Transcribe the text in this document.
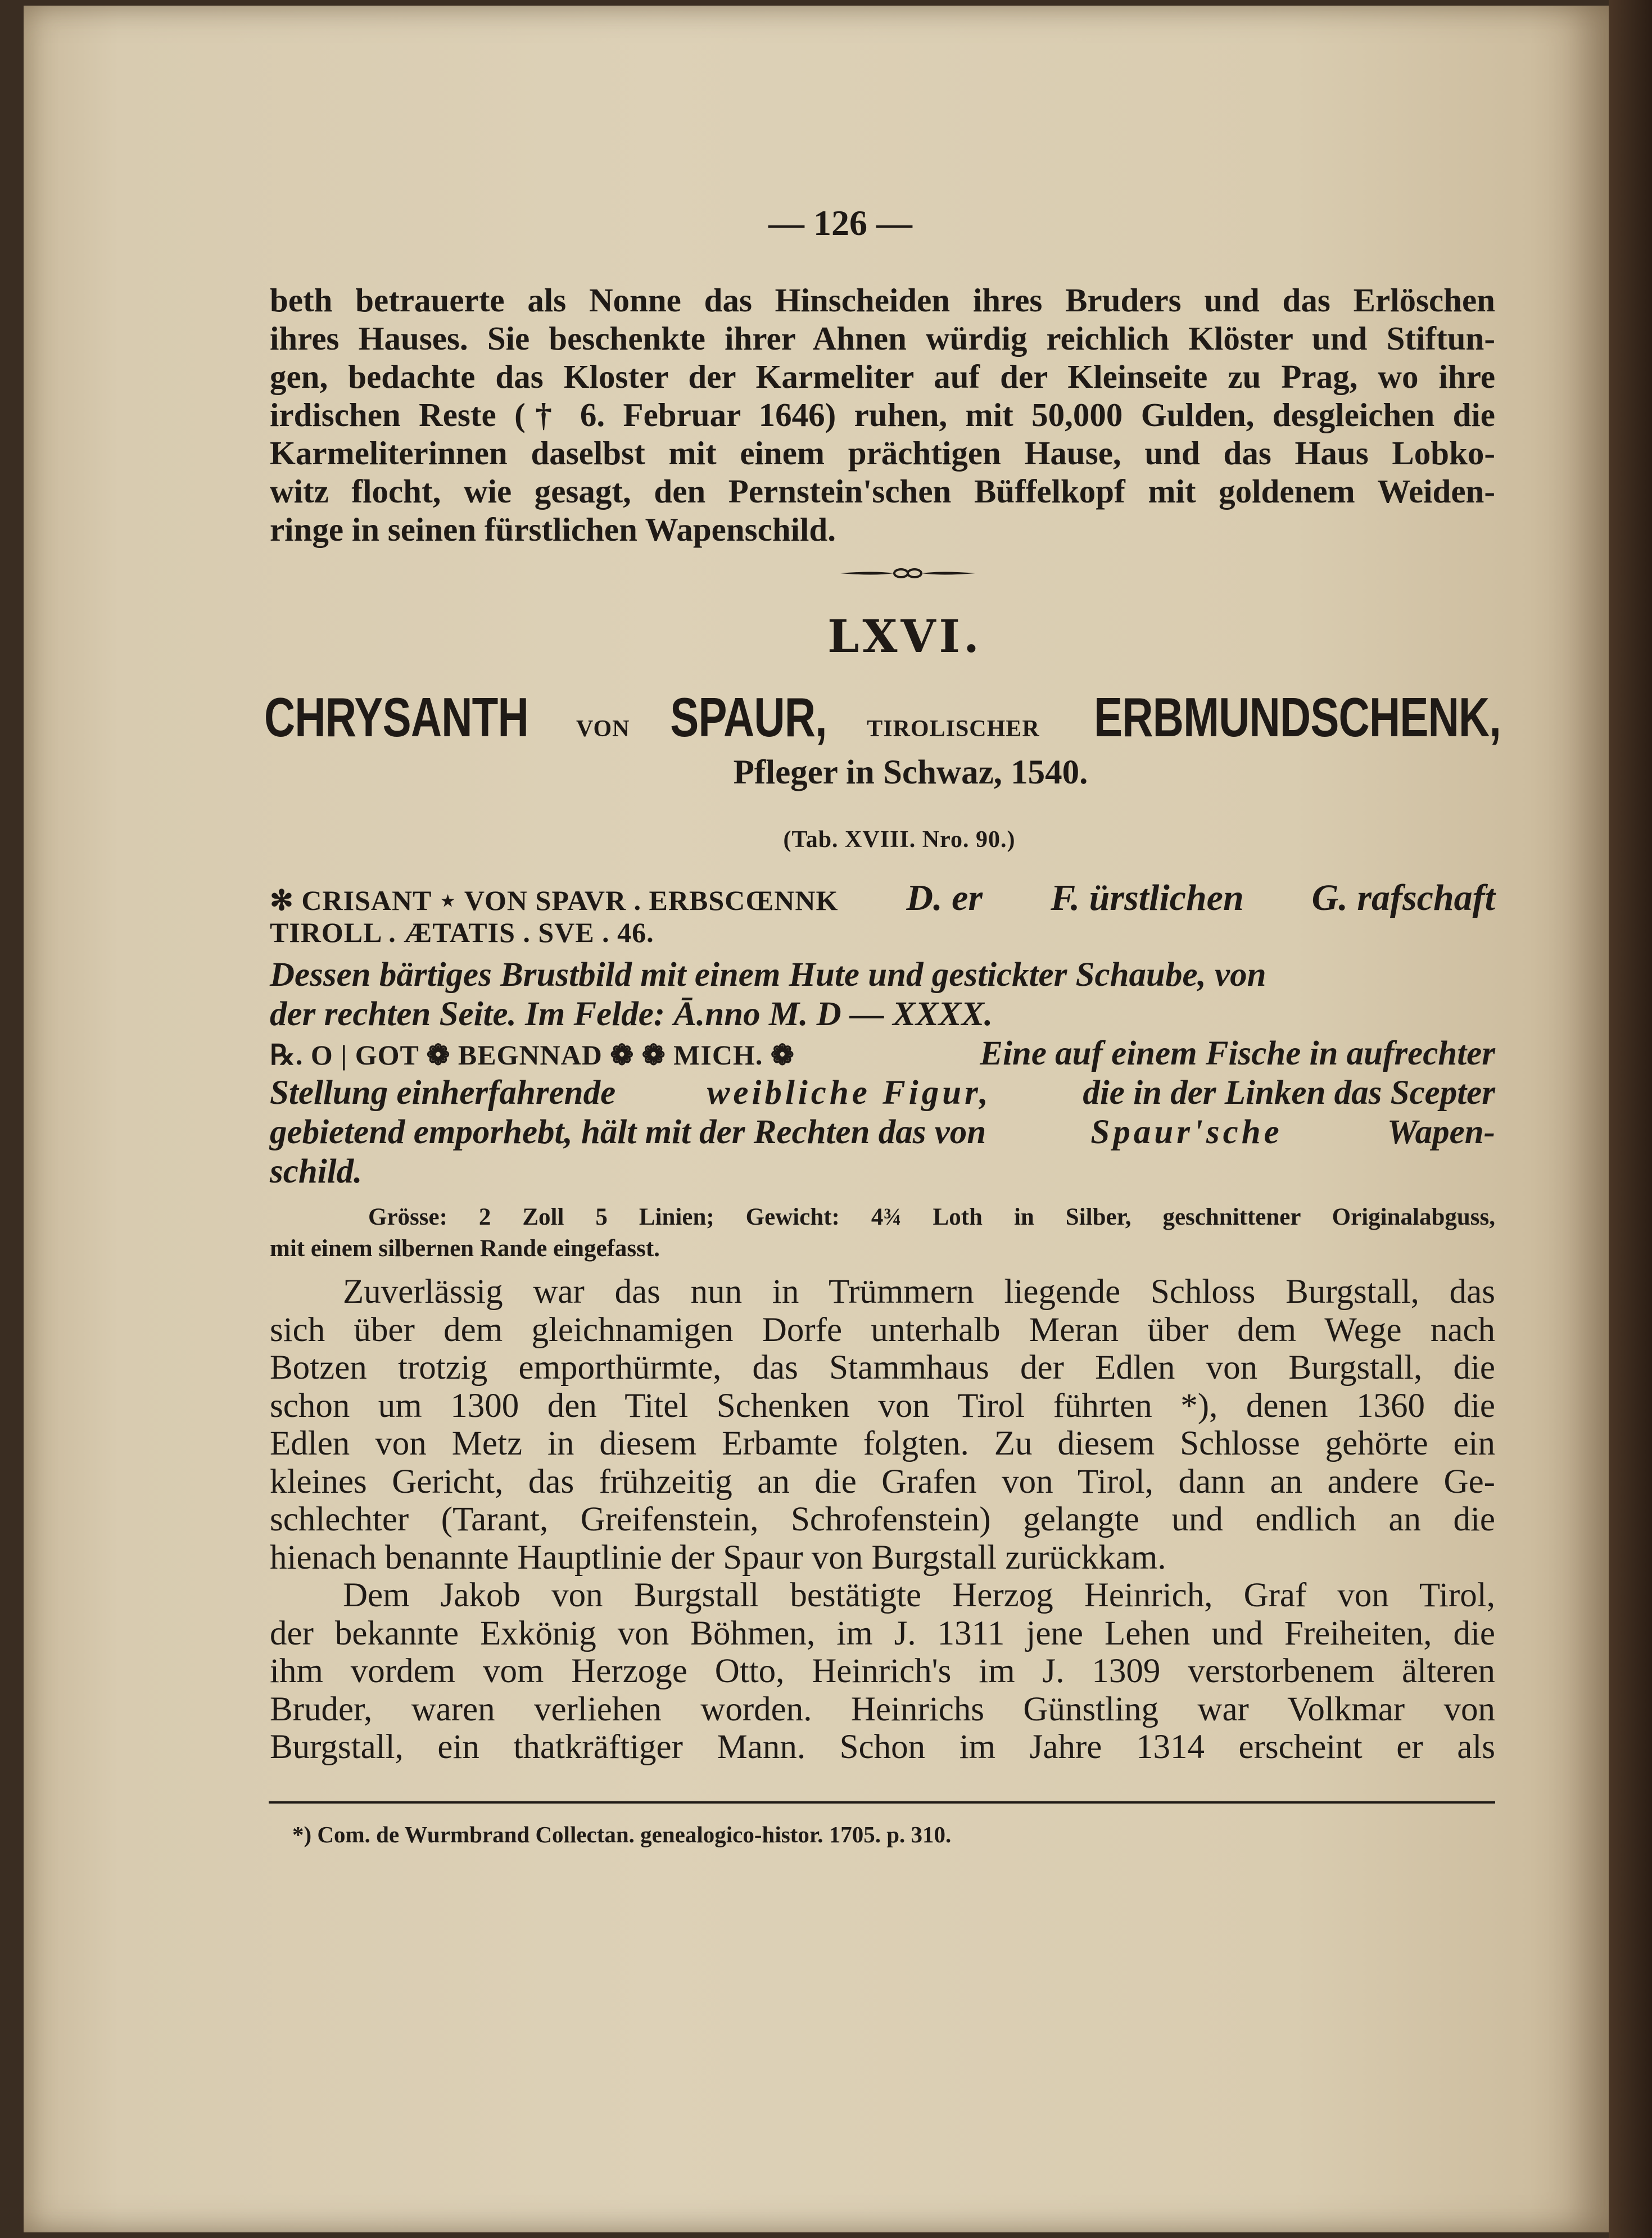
— 126 —

beth betrauerte als Nonne das Hinscheiden ihres Bruders und das Erlöschen

ihres Hauses. Sie beschenkte ihrer Ahnen würdig reichlich Klöster und Stiftun-

gen, bedachte das Kloster der Karmeliter auf der Kleinseite zu Prag, wo ihre

irdischen Reste († 6. Februar 1646) ruhen, mit 50,000 Gulden, desgleichen die

Karmeliterinnen daselbst mit einem prächtigen Hause, und das Haus Lobko-

witz flocht, wie gesagt, den Pernstein'schen Büffelkopf mit goldenem Weiden-

ringe in seinen fürstlichen Wapenschild.

LXVI.
CHRYSANTH VON SPAUR, TIROLISCHER ERBMUNDSCHENK,
Pfleger in Schwaz, 1540.
(Tab. XVIII. Nro. 90.)
✻ CRISANT ⋆ VON SPAVR . ERBSCŒNNK D. er F. ürstlichen G. rafschaft
TIROLL . ÆTATIS . SVE . 46.
Dessen bärtiges Brustbild mit einem Hute und gestickter Schaube, von
der rechten Seite. Im Felde: Ā.nno M. D — XXXX.
℞. O | GOT ❁ BEGNNAD ❁ ❁ MICH. ❁	Eine auf einem Fische in aufrechter
Stellung einherfahrende	weibliche Figur,	die in der Linken das Scepter
gebietend emporhebt, hält mit der Rechten das von	Spaur'sche	Wapen-
schild.
Grösse: 2 Zoll 5 Linien; Gewicht: 4¾ Loth in Silber, geschnittener Originalabguss,
mit einem silbernen Rande eingefasst.

Zuverlässig war das nun in Trümmern liegende Schloss Burgstall, das

sich über dem gleichnamigen Dorfe unterhalb Meran über dem Wege nach

Botzen trotzig emporthürmte, das Stammhaus der Edlen von Burgstall, die

schon um 1300 den Titel Schenken von Tirol führten *), denen 1360 die

Edlen von Metz in diesem Erbamte folgten. Zu diesem Schlosse gehörte ein

kleines Gericht, das frühzeitig an die Grafen von Tirol, dann an andere Ge-

schlechter (Tarant, Greifenstein, Schrofenstein) gelangte und endlich an die

hienach benannte Hauptlinie der Spaur von Burgstall zurückkam.

Dem Jakob von Burgstall bestätigte Herzog Heinrich, Graf von Tirol,

der bekannte Exkönig von Böhmen, im J. 1311 jene Lehen und Freiheiten, die

ihm vordem vom Herzoge Otto, Heinrich's im J. 1309 verstorbenem älteren

Bruder, waren verliehen worden. Heinrichs Günstling war Volkmar von

Burgstall, ein thatkräftiger Mann. Schon im Jahre 1314 erscheint er als

*) Com. de Wurmbrand Collectan. genealogico-histor. 1705. p. 310.
